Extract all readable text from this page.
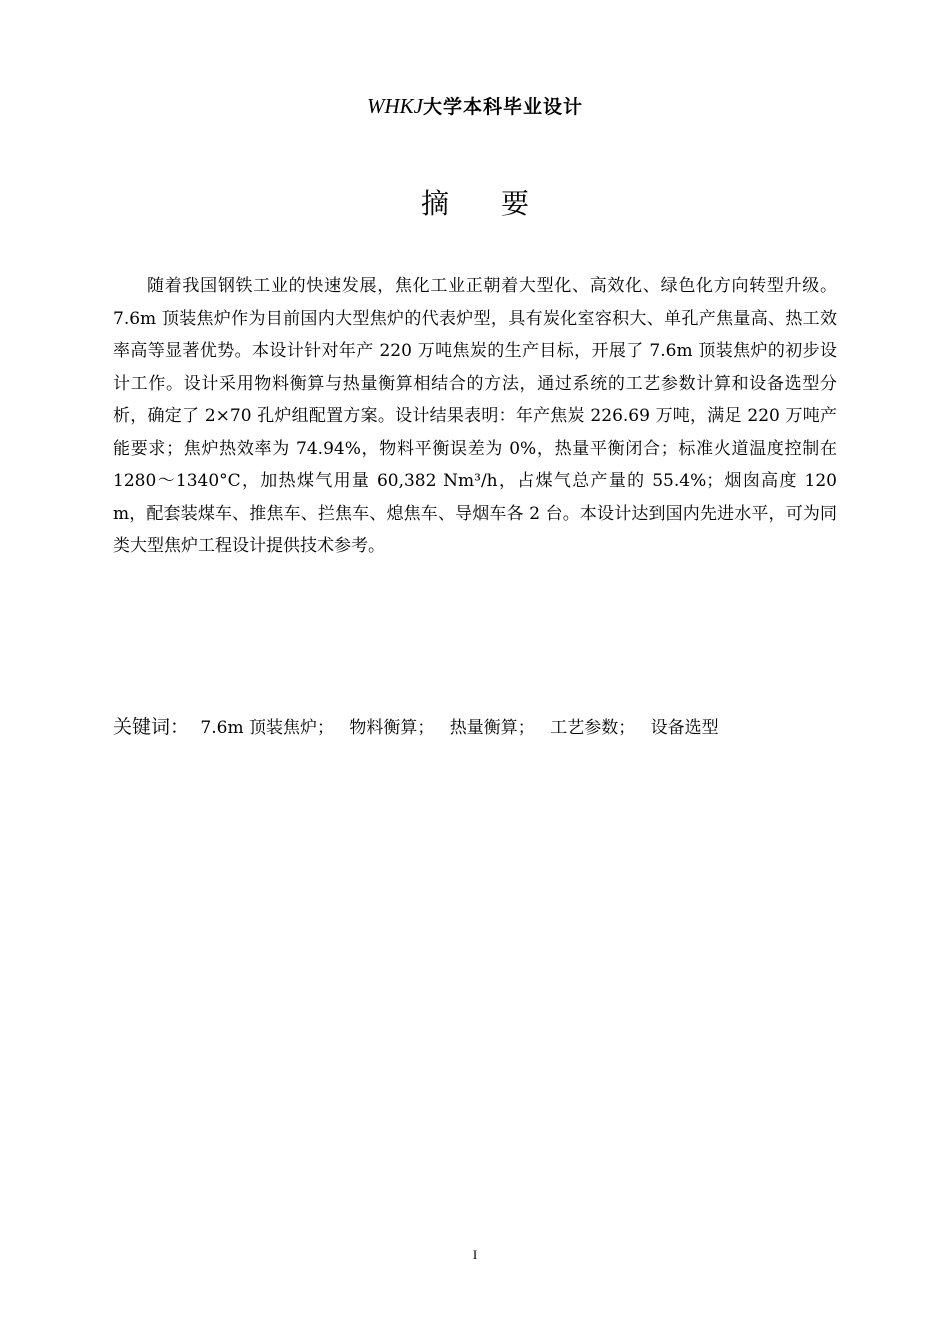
WHKJ大学本科毕业设计
摘 要

随着我国钢铁工业的快速发展，焦化工业正朝着大型化、高效化、绿色化方向转型升级。7.6m 顶装焦炉作为目前国内大型焦炉的代表炉型，具有炭化室容积大、单孔产焦量高、热工效率高等显著优势。本设计针对年产 220 万吨焦炭的生产目标，开展了 7.6m 顶装焦炉的初步设计工作。设计采用物料衡算与热量衡算相结合的方法，通过系统的工艺参数计算和设备选型分析，确定了 2×70 孔炉组配置方案。设计结果表明：年产焦炭 226.69 万吨，满足 220 万吨产能要求；焦炉热效率为 74.94%，物料平衡误差为 0%，热量平衡闭合；标准火道温度控制在 1280～1340°C，加热煤气用量 60,382 Nm³/h，占煤气总产量的 55.4%；烟囱高度 120 m，配套装煤车、推焦车、拦焦车、熄焦车、导烟车各 2 台。本设计达到国内先进水平，可为同类大型焦炉工程设计提供技术参考。

关键词： 7.6m 顶装焦炉； 物料衡算； 热量衡算； 工艺参数； 设备选型
I
